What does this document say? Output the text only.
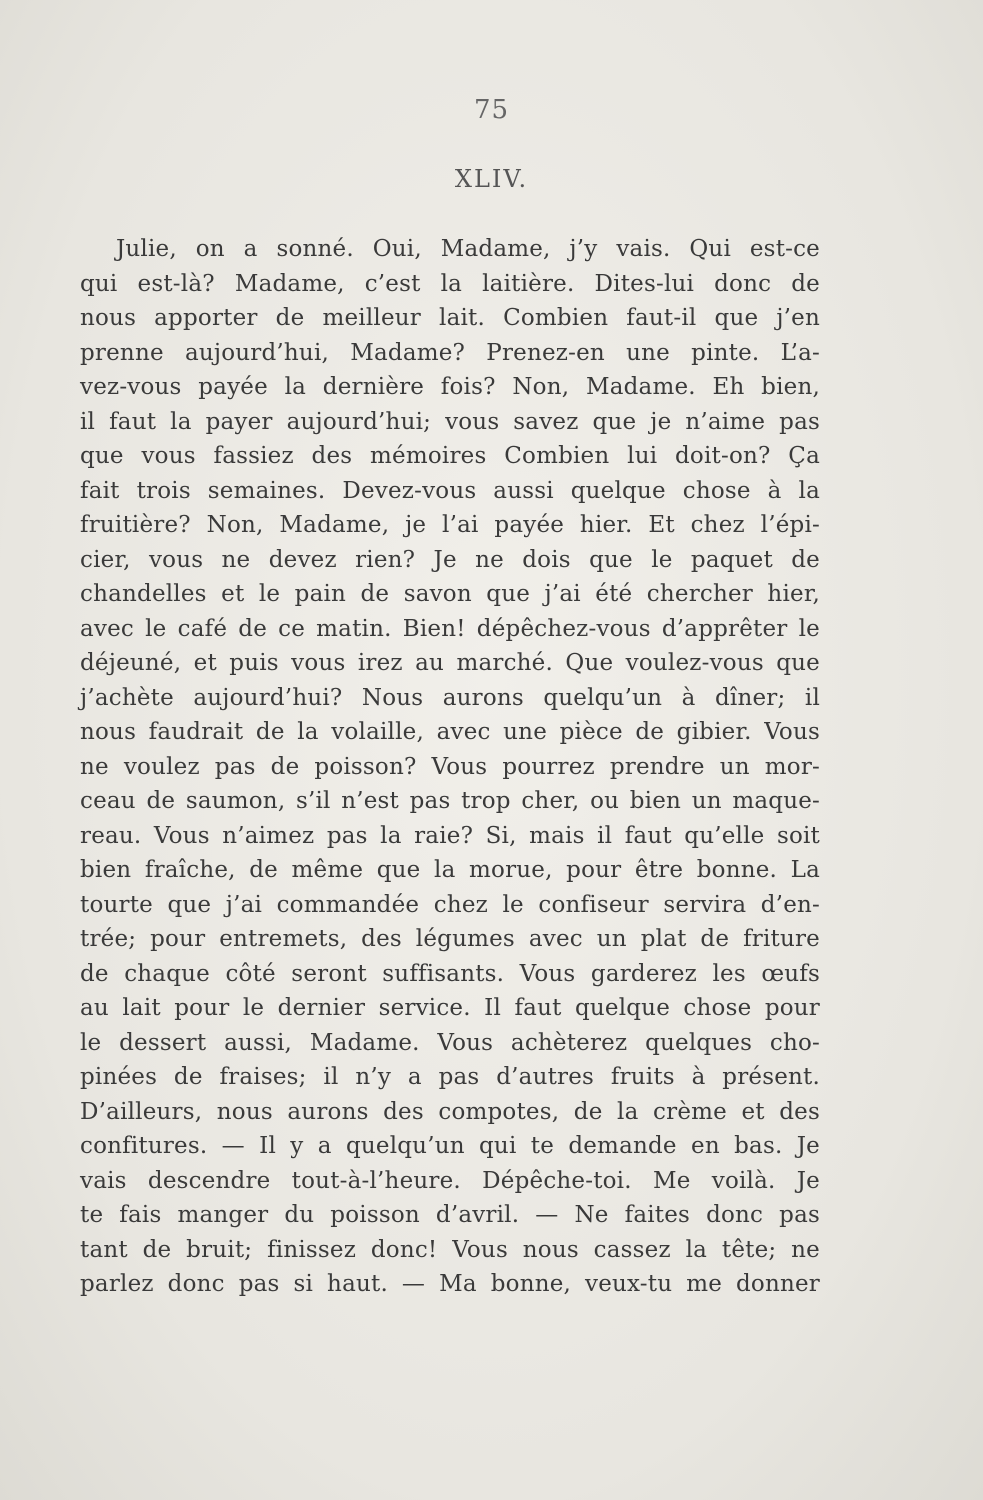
75
XLIV.
Julie, on a sonné. Oui, Madame, j’y vais. Qui est-ce
qui est-là? Madame, c’est la laitière. Dites-lui donc de
nous apporter de meilleur lait. Combien faut-il que j’en
prenne aujourd’hui, Madame? Prenez-en une pinte. L’a-
vez-vous payée la dernière fois? Non, Madame. Eh bien,
il faut la payer aujourd’hui; vous savez que je n’aime pas
que vous fassiez des mémoires Combien lui doit-on? Ça
fait trois semaines. Devez-vous aussi quelque chose à la
fruitière? Non, Madame, je l’ai payée hier. Et chez l’épi-
cier, vous ne devez rien? Je ne dois que le paquet de
chandelles et le pain de savon que j’ai été chercher hier,
avec le café de ce matin. Bien! dépêchez-vous d’apprêter le
déjeuné, et puis vous irez au marché. Que voulez-vous que
j’achète aujourd’hui? Nous aurons quelqu’un à dîner; il
nous faudrait de la volaille, avec une pièce de gibier. Vous
ne voulez pas de poisson? Vous pourrez prendre un mor-
ceau de saumon, s’il n’est pas trop cher, ou bien un maque-
reau. Vous n’aimez pas la raie? Si, mais il faut qu’elle soit
bien fraîche, de même que la morue, pour être bonne. La
tourte que j’ai commandée chez le confiseur servira d’en-
trée; pour entremets, des légumes avec un plat de friture
de chaque côté seront suffisants. Vous garderez les œufs
au lait pour le dernier service. Il faut quelque chose pour
le dessert aussi, Madame. Vous achèterez quelques cho-
pinées de fraises; il n’y a pas d’autres fruits à présent.
D’ailleurs, nous aurons des compotes, de la crème et des
confitures. — Il y a quelqu’un qui te demande en bas. Je
vais descendre tout-à-l’heure. Dépêche-toi. Me voilà. Je
te fais manger du poisson d’avril. — Ne faites donc pas
tant de bruit; finissez donc! Vous nous cassez la tête; ne
parlez donc pas si haut. — Ma bonne, veux-tu me donner
